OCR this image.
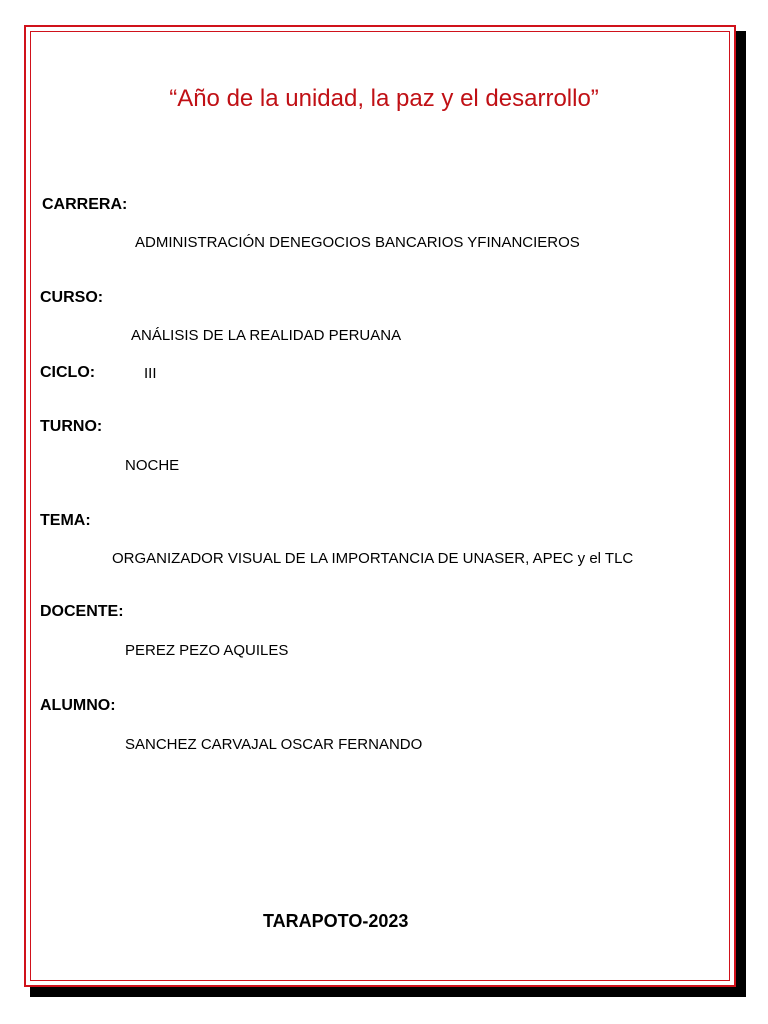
“Año de la unidad, la paz y el desarrollo”
CARRERA:
ADMINISTRACIÓN DENEGOCIOS BANCARIOS YFINANCIEROS
CURSO:
ANÁLISIS DE LA REALIDAD PERUANA
CICLO:	III
TURNO:
NOCHE
TEMA:
ORGANIZADOR VISUAL DE LA IMPORTANCIA DE UNASER, APEC y el TLC
DOCENTE:
PEREZ PEZO AQUILES
ALUMNO:
SANCHEZ CARVAJAL OSCAR FERNANDO
TARAPOTO-2023
